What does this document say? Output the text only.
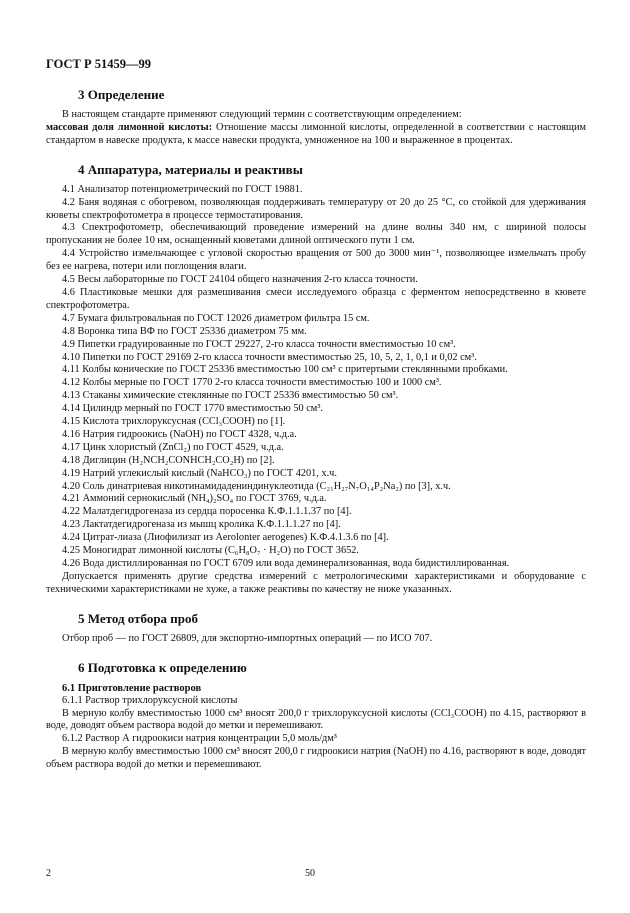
ГОСТ Р 51459—99
3 Определение

В настоящем стандарте применяют следующий термин с соответствующим определением:

массовая доля лимонной кислоты: Отношение массы лимонной кислоты, определенной в соответствии с настоящим стандартом в навеске продукта, к массе навески продукта, умноженное на 100 и выраженное в процентах.

4 Аппаратура, материалы и реактивы

4.1 Анализатор потенциометрический по ГОСТ 19881.

4.2 Баня водяная с обогревом, позволяющая поддерживать температуру от 20 до 25 °С, со стойкой для удерживания кюветы спектрофотометра в процессе термостатирования.

4.3 Спектрофотометр, обеспечивающий проведение измерений на длине волны 340 нм, с шириной полосы пропускания не более 10 нм, оснащенный кюветами длиной оптического пути 1 см.

4.4 Устройство измельчающее с угловой скоростью вращения от 500 до 3000 мин⁻¹, позволяющее измельчать пробу без ее нагрева, потери или поглощения влаги.

4.5 Весы лабораторные по ГОСТ 24104 общего назначения 2-го класса точности.

4.6 Пластиковые мешки для размешивания смеси исследуемого образца с ферментом непосредственно в кювете спектрофотометра.

4.7 Бумага фильтровальная по ГОСТ 12026 диаметром фильтра 15 см.

4.8 Воронка типа ВФ по ГОСТ 25336 диаметром 75 мм.

4.9 Пипетки градуированные по ГОСТ 29227, 2-го класса точности вместимостью 10 см³.

4.10 Пипетки по ГОСТ 29169 2-го класса точности вместимостью 25, 10, 5, 2, 1, 0,1 и 0,02 см³.

4.11 Колбы конические по ГОСТ 25336 вместимостью 100 см³ с притертыми стеклянными пробками.

4.12 Колбы мерные по ГОСТ 1770 2-го класса точности вместимостью 100 и 1000 см³.

4.13 Стаканы химические стеклянные по ГОСТ 25336 вместимостью 50 см³.

4.14 Цилиндр мерный по ГОСТ 1770 вместимостью 50 см³.

4.15 Кислота трихлоруксусная (CCl₃COOH) по [1].

4.16 Натрия гидроокись (NaOH) по ГОСТ 4328, ч.д.а.

4.17 Цинк хлористый (ZnCl₂) по ГОСТ 4529, ч.д.а.

4.18 Диглицин (H₂NCH₂CONHCH₂CO₂H) по [2].

4.19 Натрий углекислый кислый (NaHCO₃) по ГОСТ 4201, х.ч.

4.20 Соль динатриевая никотинамидадениндинуклеотида (C₂₁H₂₇N₇O₁₄P₂Na₂) по [3], х.ч.

4.21 Аммоний сернокислый (NH₄)₂SO₄ по ГОСТ 3769, ч.д.а.

4.22 Малатдегидрогеназа из сердца поросенка К.Ф.1.1.1.37 по [4].

4.23 Лактатдегидрогеназа из мышц кролика К.Ф.1.1.1.27 по [4].

4.24 Цитрат-лиаза (Лиофилизат из Aerolonter aerogenes) К.Ф.4.1.3.6 по [4].

4.25 Моногидрат лимонной кислоты (C₆H₈O₇ · H₂O) по ГОСТ 3652.

4.26 Вода дистиллированная по ГОСТ 6709 или вода деминерализованная, вода бидистиллированная.

Допускается применять другие средства измерений с метрологическими характеристиками и оборудование с техническими характеристиками не хуже, а также реактивы по качеству не ниже указанных.

5 Метод отбора проб

Отбор проб — по ГОСТ 26809, для экспортно-импортных операций — по ИСО 707.

6 Подготовка к определению
6.1 Приготовление растворов

6.1.1 Раствор трихлоруксусной кислоты

В мерную колбу вместимостью 1000 см³ вносят 200,0 г трихлоруксусной кислоты (CCl₃COOH) по 4.15, растворяют в воде, доводят объем раствора водой до метки и перемешивают.

6.1.2 Раствор А гидроокиси натрия концентрации 5,0 моль/дм³

В мерную колбу вместимостью 1000 см³ вносят 200,0 г гидроокиси натрия (NaOH) по 4.16, растворяют в воде, доводят объем раствора водой до метки и перемешивают.

2	50
